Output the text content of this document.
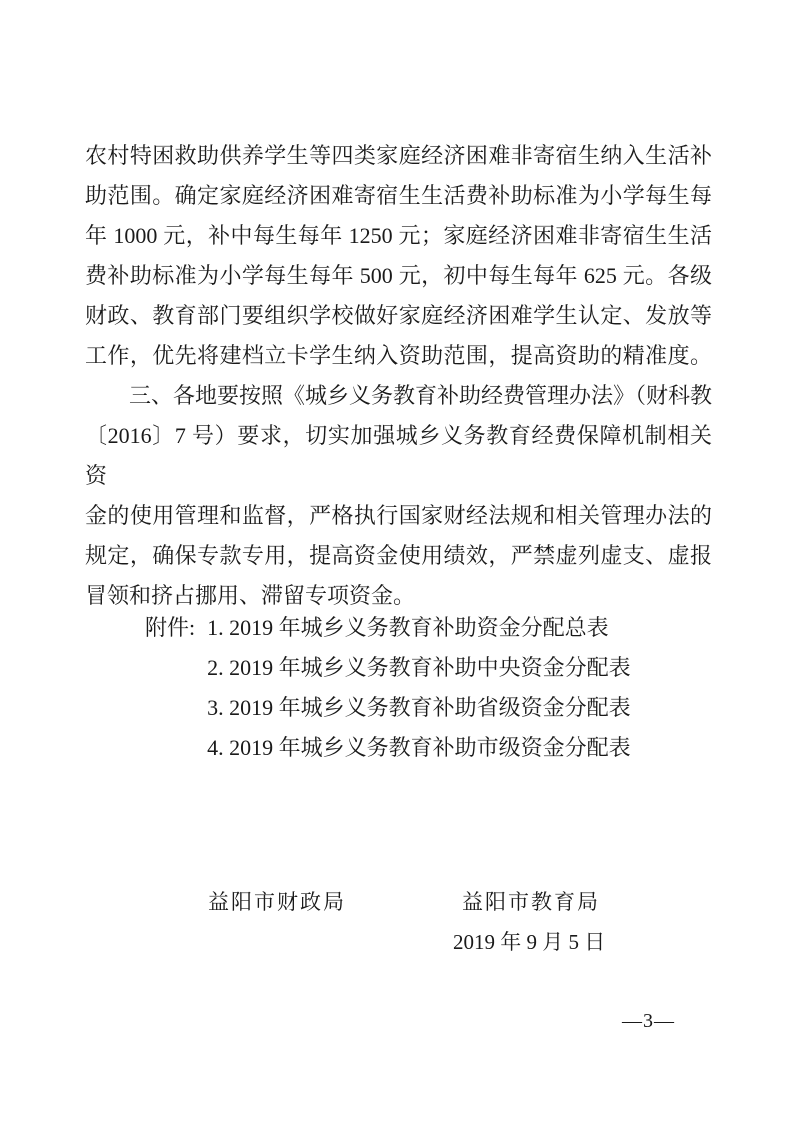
农村特困救助供养学生等四类家庭经济困难非寄宿生纳入生活补
助范围。确定家庭经济困难寄宿生生活费补助标准为小学每生每
年 1000 元，补中每生每年 1250 元；家庭经济困难非寄宿生生活
费补助标准为小学每生每年 500 元，初中每生每年 625 元。各级
财政、教育部门要组织学校做好家庭经济困难学生认定、发放等
工作，优先将建档立卡学生纳入资助范围，提高资助的精准度。
　　三、各地要按照《城乡义务教育补助经费管理办法》（财科教
〔2016〕7 号）要求，切实加强城乡义务教育经费保障机制相关资
金的使用管理和监督，严格执行国家财经法规和相关管理办法的
规定，确保专款专用，提高资金使用绩效，严禁虚列虚支、虚报
冒领和挤占挪用、滞留专项资金。
附件: 1. 2019 年城乡义务教育补助资金分配总表
2. 2019 年城乡义务教育补助中央资金分配表
3. 2019 年城乡义务教育补助省级资金分配表
4. 2019 年城乡义务教育补助市级资金分配表
益阳市财政局	益阳市教育局
2019 年 9 月 5 日
—3—
